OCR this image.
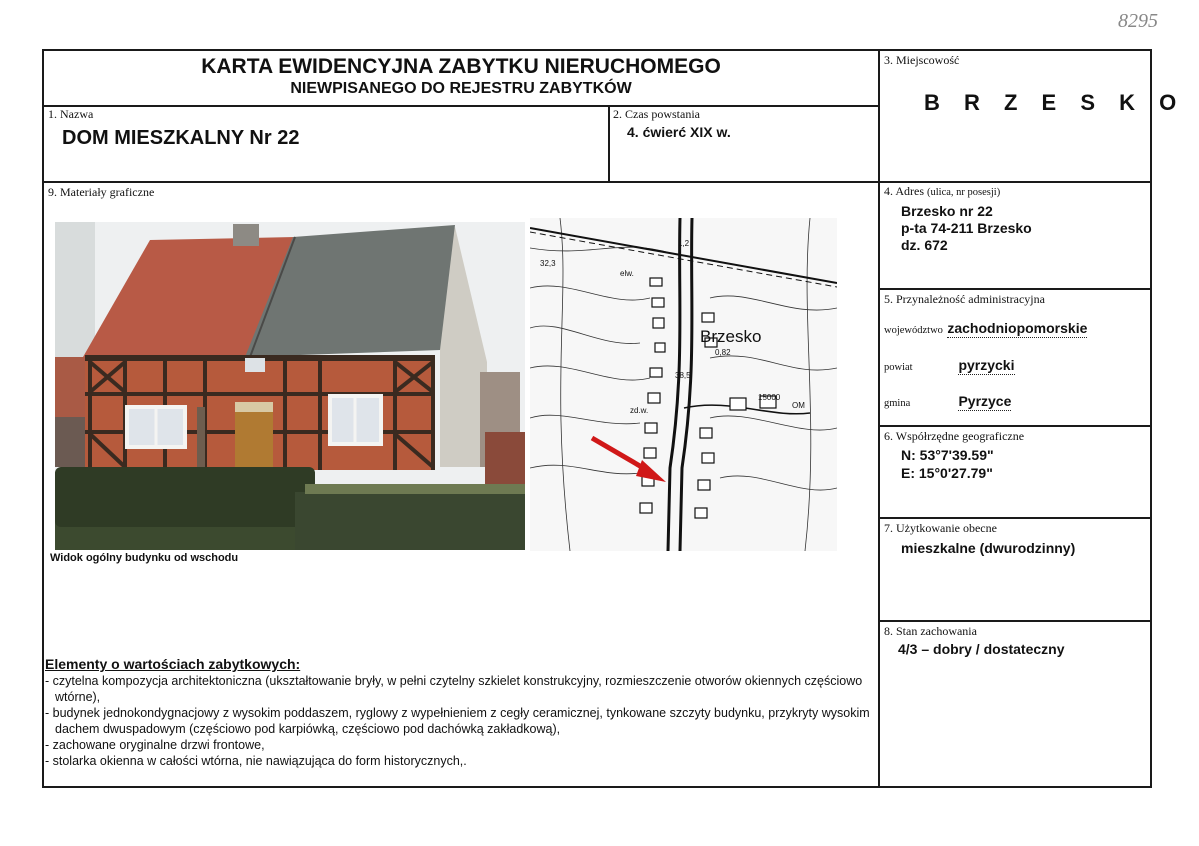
8295
KARTA EWIDENCYJNA ZABYTKU NIERUCHOMEGO
NIEWPISANEGO DO REJESTRU ZABYTKÓW
1. Nazwa
DOM MIESZKALNY Nr 22
2. Czas powstania
4. ćwierć XIX w.
3. Miejscowość
B R Z E S K O
9. Materiały graficzne
Brzesko
1,2
32,3
elw.
0,82
38,5
zd.w.
15000
OM
Widok ogólny budynku od wschodu
Elementy o wartościach zabytkowych:
- czytelna kompozycja architektoniczna (ukształtowanie bryły, w pełni czytelny szkielet konstrukcyjny, rozmieszczenie otworów okiennych częściowo wtórne),
- budynek jednokondygnacjowy z wysokim poddaszem, ryglowy z wypełnieniem z cegły ceramicznej, tynkowane szczyty budynku, przykryty wysokim dachem dwuspadowym (częściowo pod karpiówką, częściowo pod dachówką zakładkową),
- zachowane oryginalne drzwi frontowe,
- stolarka okienna w całości wtórna, nie nawiązująca do form historycznych,.
4. Adres (ulica, nr posesji)
Brzesko nr 22
p-ta 74-211 Brzesko
dz. 672
5. Przynależność administracyjna
województwo zachodniopomorskie
powiat	pyrzycki
gmina	Pyrzyce
6. Współrzędne geograficzne
N: 53°7'39.59"
E: 15°0'27.79"
7. Użytkowanie obecne
mieszkalne (dwurodzinny)
8. Stan zachowania
4/3 – dobry / dostateczny
